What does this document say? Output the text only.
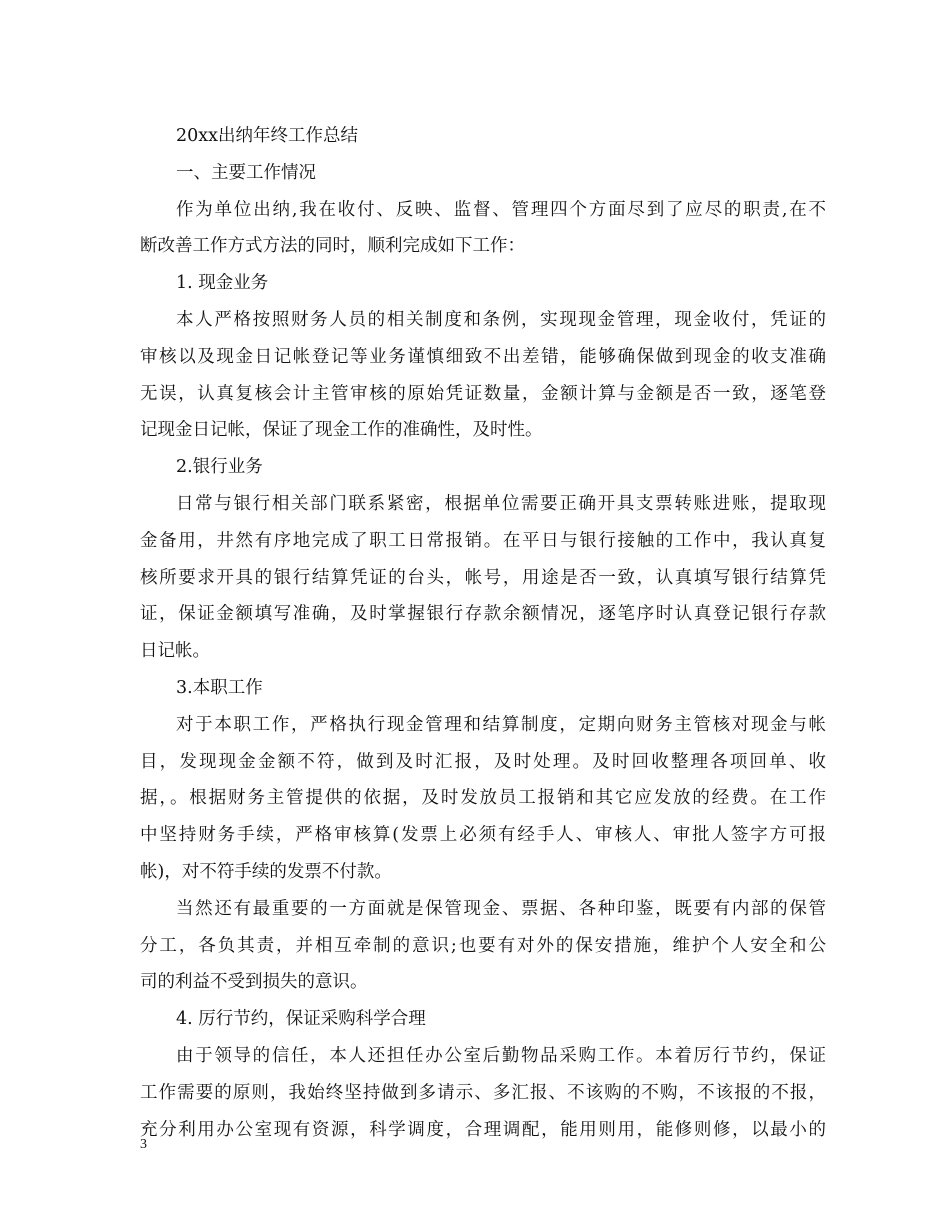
20xx出纳年终工作总结
一、主要工作情况
作为单位出纳,我在收付、反映、监督、管理四个方面尽到了应尽的职责,在不
断改善工作方式方法的同时，顺利完成如下工作：
1. 现金业务
本人严格按照财务人员的相关制度和条例，实现现金管理，现金收付，凭证的
审核以及现金日记帐登记等业务谨慎细致不出差错，能够确保做到现金的收支准确
无误，认真复核会计主管审核的原始凭证数量，金额计算与金额是否一致，逐笔登
记现金日记帐，保证了现金工作的准确性，及时性。
2.银行业务
日常与银行相关部门联系紧密，根据单位需要正确开具支票转账进账，提取现
金备用，井然有序地完成了职工日常报销。在平日与银行接触的工作中，我认真复
核所要求开具的银行结算凭证的台头，帐号，用途是否一致，认真填写银行结算凭
证，保证金额填写准确，及时掌握银行存款余额情况，逐笔序时认真登记银行存款
日记帐。
3.本职工作
对于本职工作，严格执行现金管理和结算制度，定期向财务主管核对现金与帐
目，发现现金金额不符，做到及时汇报，及时处理。及时回收整理各项回单、收
据，。根据财务主管提供的依据，及时发放员工报销和其它应发放的经费。在工作
中坚持财务手续，严格审核算(发票上必须有经手人、审核人、审批人签字方可报
帐)，对不符手续的发票不付款。
当然还有最重要的一方面就是保管现金、票据、各种印鉴，既要有内部的保管
分工，各负其责，并相互牵制的意识;也要有对外的保安措施，维护个人安全和公
司的利益不受到损失的意识。
4. 厉行节约，保证采购科学合理
由于领导的信任，本人还担任办公室后勤物品采购工作。本着厉行节约，保证
工作需要的原则，我始终坚持做到多请示、多汇报、不该购的不购，不该报的不报，
充分利用办公室现有资源，科学调度，合理调配，能用则用，能修则修，以最小的
3
